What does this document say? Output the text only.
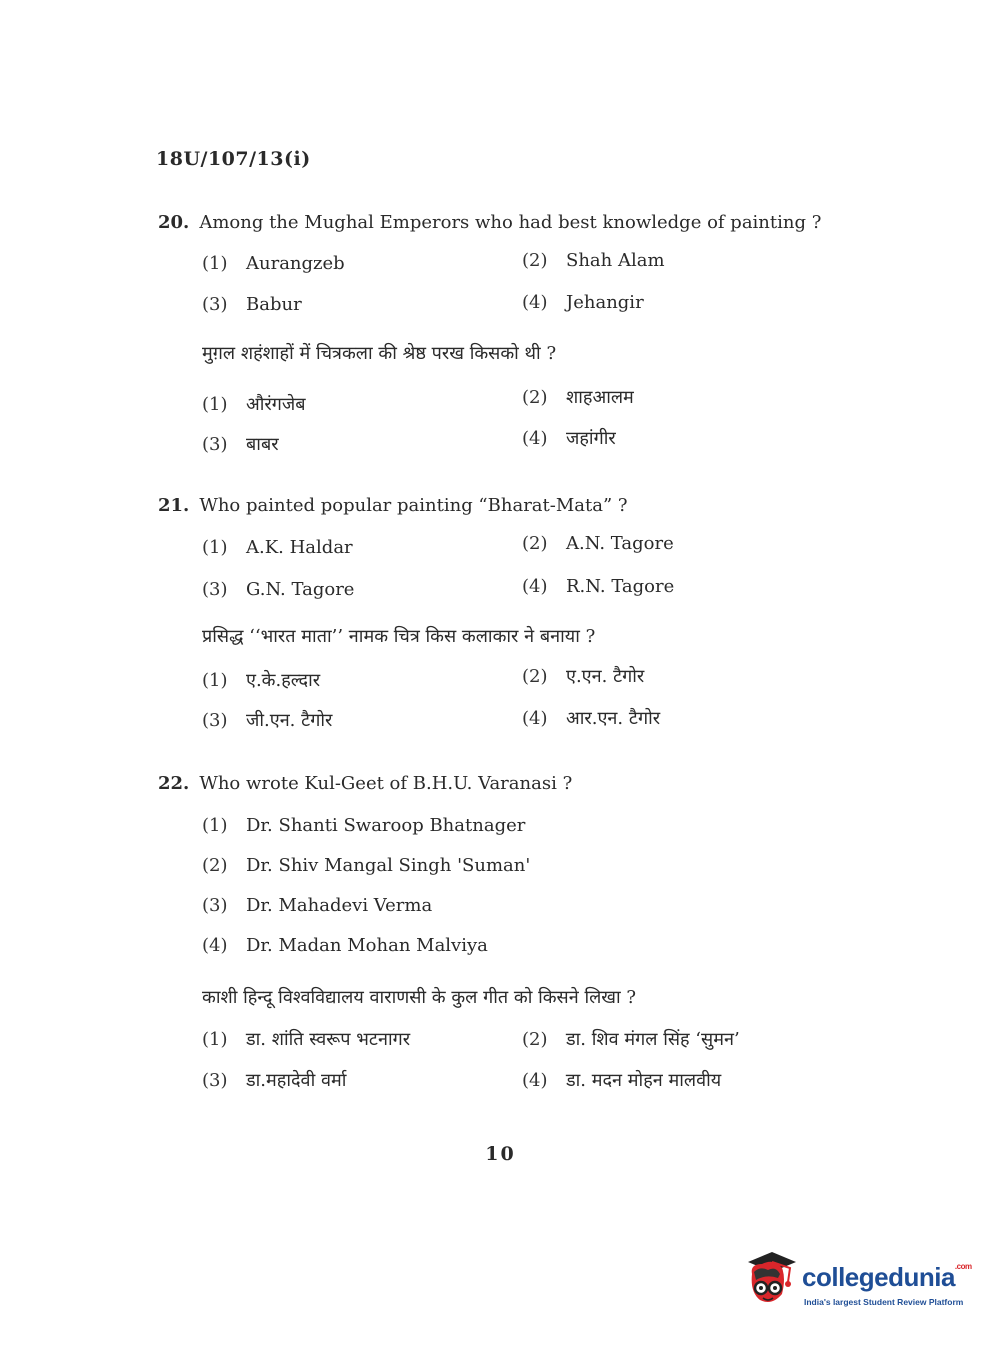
18U/107/13(i)
20. Among the Mughal Emperors who had best knowledge of painting ?
(1) Aurangzeb	(2) Shah Alam
(3) Babur	(4) Jehangir
मुग़ल शहंशाहों में चित्रकला की श्रेष्ठ परख किसको थी ?
(1) औरंगजेब	(2) शाहआलम
(3) बाबर	(4) जहांगीर
21. Who painted popular painting “Bharat-Mata” ?
(1) A.K. Haldar	(2) A.N. Tagore
(3) G.N. Tagore	(4) R.N. Tagore
प्रसिद्ध ‘‘भारत माता’’ नामक चित्र किस कलाकार ने बनाया ?
(1) ए.के.हल्दार	(2) ए.एन. टैगोर
(3) जी.एन. टैगोर	(4) आर.एन. टैगोर
22. Who wrote Kul-Geet of B.H.U. Varanasi ?
(1) Dr. Shanti Swaroop Bhatnager
(2) Dr. Shiv Mangal Singh 'Suman'
(3) Dr. Mahadevi Verma
(4) Dr. Madan Mohan Malviya
काशी हिन्दू विश्वविद्यालय वाराणसी के कुल गीत को किसने लिखा ?
(1) डा. शांति स्वरूप भटनागर	(2) डा. शिव मंगल सिंह ‘सुमन’
(3) डा.महादेवी वर्मा	(4) डा. मदन मोहन मालवीय
10
collegedunia$^{.com}$
India's largest Student Review Platform
